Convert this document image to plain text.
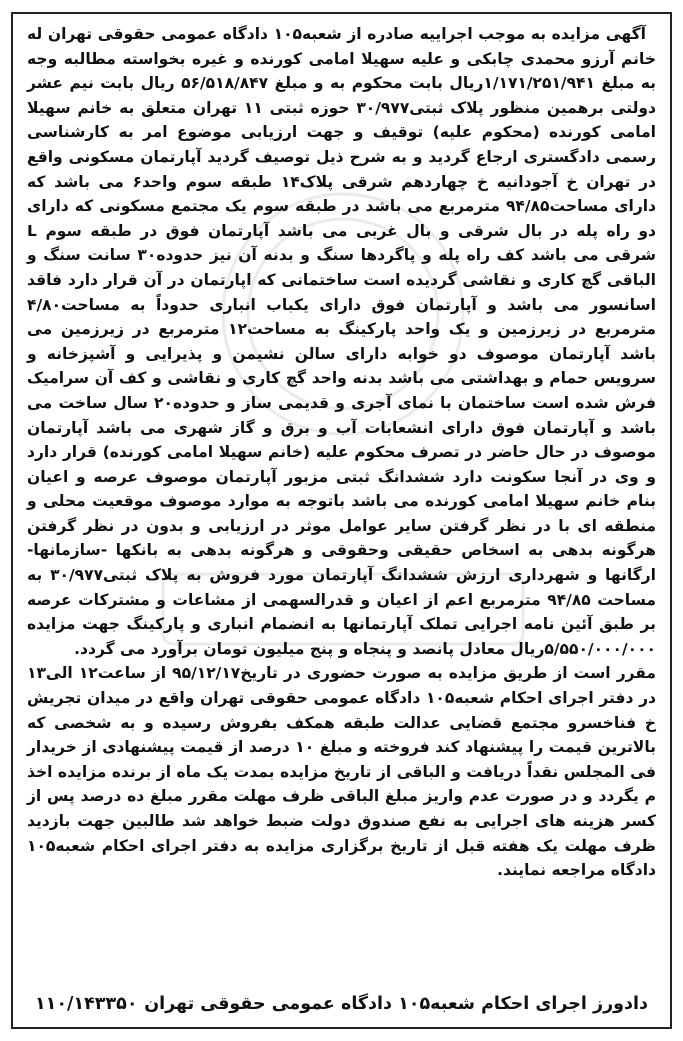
آگهی مزایده به موجب اجراییه صادره از شعبه۱۰۵ دادگاه عمومی حقوقی تهران له خانم آرزو محمدی چابکی و علیه سهیلا امامی کورنده و غیره بخواسته مطالبه وجه به مبلغ ۱/۱۷۱/۲۵۱/۹۴۱ریال بابت محکوم به و مبلغ ۵۶/۵۱۸/۸۴۷ ریال بابت نیم عشر دولتی برهمین منظور پلاک ثبتی۳۰/۹۷۷ حوزه ثبتی ۱۱ تهران متعلق به خانم سهیلا امامی کورنده (محکوم علیه) توقیف و جهت ارزیابی موضوع امر به کارشناسی رسمی دادگستری ارجاع گردید و به شرح ذیل توصیف گردید آپارتمان مسکونی واقع در تهران خ آجودانیه خ چهاردهم شرقی پلاک۱۴ طبقه سوم واحد۶ می باشد که دارای مساحت۹۴/۸۵ مترمربع می باشد در طبقه سوم یک مجتمع مسکونی که دارای دو راه پله در بال شرقی و بال غربی می باشد آپارتمان فوق در طبقه سوم L شرقی می باشد کف راه پله و پاگردها سنگ و بدنه آن نیز حدوده۳۰ سانت سنگ و الباقی گچ کاری و نقاشی گردیده است ساختمانی که اپارتمان در آن قرار دارد فاقد اسانسور می باشد و آپارتمان فوق دارای یکباب انباری حدوداً به مساحت۴/۸۰ مترمربع در زیرزمین و یک واحد پارکینگ به مساحت۱۲ مترمربع در زیرزمین می باشد آپارتمان موصوف دو خوابه دارای سالن نشیمن و پذیرایی و آشپزخانه و سرویس حمام و بهداشتی می باشد بدنه واحد گچ کاری و نقاشی و کف آن سرامیک فرش شده است ساختمان با نمای آجری و قدیمی ساز و حدوده۲۰ سال ساخت می باشد و آپارتمان فوق دارای انشعابات آب و برق و گاز شهری می باشد آپارتمان موصوف در حال حاضر در تصرف محکوم علیه (خانم سهیلا امامی کورنده) قرار دارد و وی در آنجا سکونت دارد ششدانگ ثبتی مزبور آپارتمان موصوف عرصه و اعیان بنام خانم سهیلا امامی کورنده می باشد باتوجه به موارد موصوف موقعیت محلی و منطقه ای با در نظر گرفتن سایر عوامل موثر در ارزیابی و بدون در نظر گرفتن هرگونه بدهی به اسخاص حقیقی وحقوقی و هرگونه بدهی به بانکها -سازمانها- ارگانها و شهرداری ارزش ششدانگ آپارتمان مورد فروش به پلاک ثبتی۳۰/۹۷۷ به مساحت ۹۴/۸۵ مترمربع اعم از اعیان و قدرالسهمی از مشاعات و مشترکات عرصه بر طبق آئین نامه اجرایی تملک آپارتمانها به انضمام انباری و پارکینگ جهت مزایده ۵/۵۵۰/۰۰۰/۰۰۰ریال معادل پانصد و پنجاه و پنج میلیون تومان برآورد می گردد.

مقرر است از طریق مزایده به صورت حضوری در تاریخ۹۵/۱۲/۱۷ از ساعت۱۲ الی۱۳ در دفتر اجرای احکام شعبه۱۰۵ دادگاه عمومی حقوقی تهران واقع در میدان تجریش خ فناخسرو مجتمع قضایی عدالت طبقه همکف بفروش رسیده و به شخصی که بالاترین قیمت را پیشنهاد کند فروخته و مبلغ ۱۰ درصد از قیمت پیشنهادی از خریدار فی المجلس نقداً دریافت و الباقی از تاریخ مزایده بمدت یک ماه از برنده مزایده اخذ م یگردد و در صورت عدم واریز مبلغ الباقی ظرف مهلت مقرر مبلغ ده درصد پس از کسر هزینه های اجرایی به نفع صندوق دولت ضبط خواهد شد طالبین جهت بازدید ظرف مهلت یک هفته قبل از تاریخ برگزاری مزایده به دفتر اجرای احکام شعبه۱۰۵ دادگاه مراجعه نمایند.

دادورز اجرای احکام شعبه۱۰۵ دادگاه عمومی حقوقی تهران
۱۱۰/۱۴۳۳۵۰
